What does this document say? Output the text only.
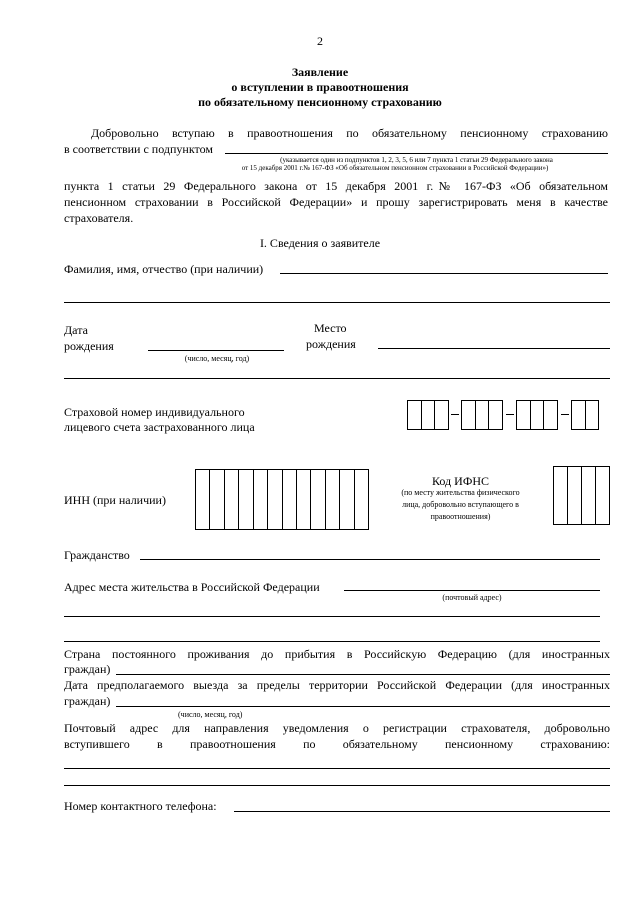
2
Заявление
о вступлении в правоотношения
по обязательному пенсионному страхованию
Добровольно вступаю в правоотношения по обязательному пенсионному страхованию
в соответствии с подпунктом
(указывается один из подпунктов 1, 2, 3, 5, 6 или 7 пункта 1 статьи 29 Федерального закона
от 15 декабря 2001 г.№ 167-ФЗ «Об обязательном пенсионном страховании в Российской Федерации»)
пункта 1 статьи 29 Федерального закона от 15 декабря 2001 г.№ 167-ФЗ «Об обязательном
пенсионном страховании в Российской Федерации» и прошу зарегистрировать меня в качестве
страхователя.
I. Сведения о заявителе
Фамилия, имя, отчество (при наличии)
Дата
рождения
(число, месяц, год)
Место
рождения
Страховой номер индивидуального
лицевого счета застрахованного лица
ИНН (при наличии)
Код ИФНС
(по месту жительства физического
лица, добровольно вступающего в
правоотношения)
Гражданство
Адрес места жительства в Российской Федерации
(почтовый адрес)
Страна постоянного проживания до прибытия в Российскую Федерацию (для иностранных
граждан)
Дата предполагаемого выезда за пределы территории Российской Федерации (для иностранных
граждан)
(число, месяц, год)
Почтовый адрес для направления уведомления о регистрации страхователя, добровольно
вступившего в правоотношения по обязательному пенсионному страхованию:
Номер контактного телефона:
